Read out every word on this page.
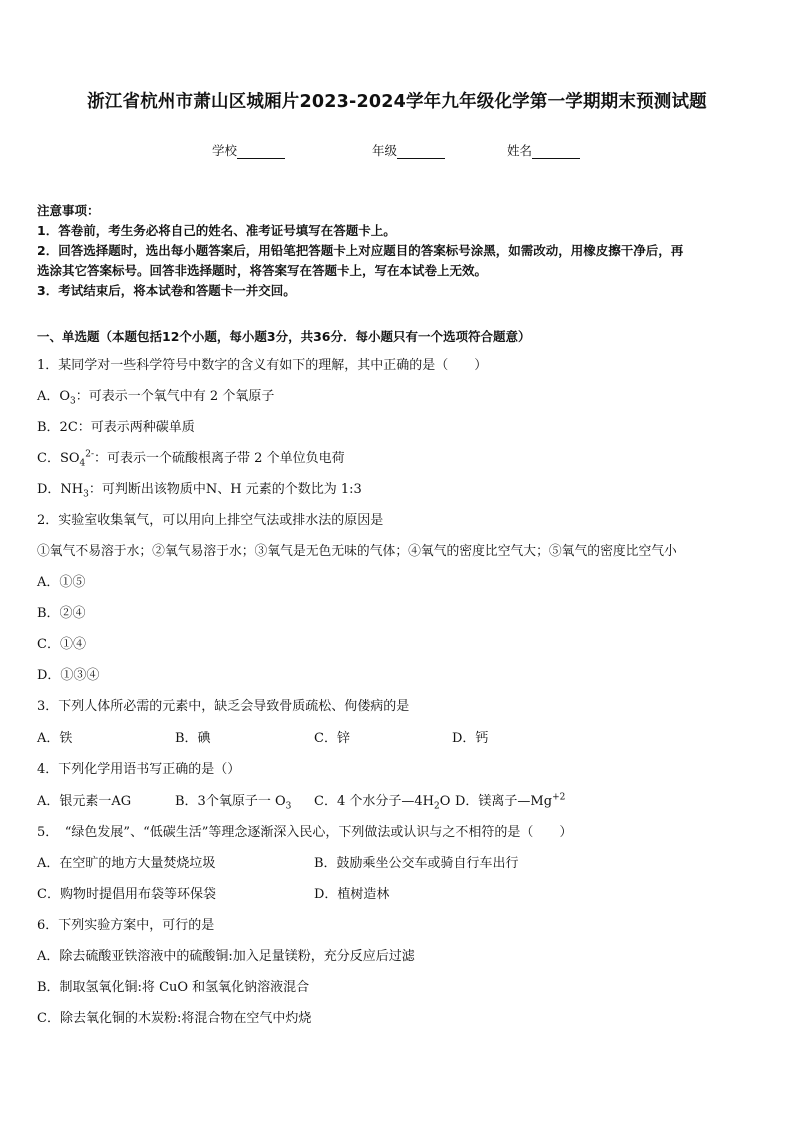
浙江省杭州市萧山区城厢片2023-2024学年九年级化学第一学期期末预测试题
学校	年级	姓名
注意事项：
1．答卷前，考生务必将自己的姓名、准考证号填写在答题卡上。
2．回答选择题时，选出每小题答案后，用铅笔把答题卡上对应题目的答案标号涂黑，如需改动，用橡皮擦干净后，再
选涂其它答案标号。回答非选择题时，将答案写在答题卡上，写在本试卷上无效。
3．考试结束后，将本试卷和答题卡一并交回。
一、单选题（本题包括12个小题，每小题3分，共36分．每小题只有一个选项符合题意）
1．某同学对一些科学符号中数字的含义有如下的理解，其中正确的是（　　）
A．$O_3$：可表示一个氧气中有 2 个氧原子
B．2C：可表示两种碳单质
C．$SO_4^{2-}$：可表示一个硫酸根离子带 2 个单位负电荷
D．$NH_3$：可判断出该物质中N、H 元素的个数比为 1:3
2．实验室收集氧气，可以用向上排空气法或排水法的原因是
①氧气不易溶于水；②氧气易溶于水；③氧气是无色无味的气体；④氧气的密度比空气大；⑤氧气的密度比空气小
A．①⑤
B．②④
C．①④
D．①③④
3．下列人体所必需的元素中，缺乏会导致骨质疏松、佝偻病的是
A．铁	B．碘	C．锌	D．钙
4．下列化学用语书写正确的是（）
A．银元素一AG	B．3个氧原子一 $O_3$ C．4 个水分子$—4H_2O$ D．镁离子$—Mg^{+2}$
5．　“绿色发展”、“低碳生活”等理念逐渐深入民心，下列做法或认识与之不相符的是（　　）
A．在空旷的地方大量焚烧垃圾	B．鼓励乘坐公交车或骑自行车出行
C．购物时提倡用布袋等环保袋	D．植树造林
6．下列实验方案中，可行的是
A．除去硫酸亚铁溶液中的硫酸铜:加入足量镁粉，充分反应后过滤
B．制取氢氧化铜:将 CuO 和氢氧化钠溶液混合
C．除去氧化铜的木炭粉:将混合物在空气中灼烧
